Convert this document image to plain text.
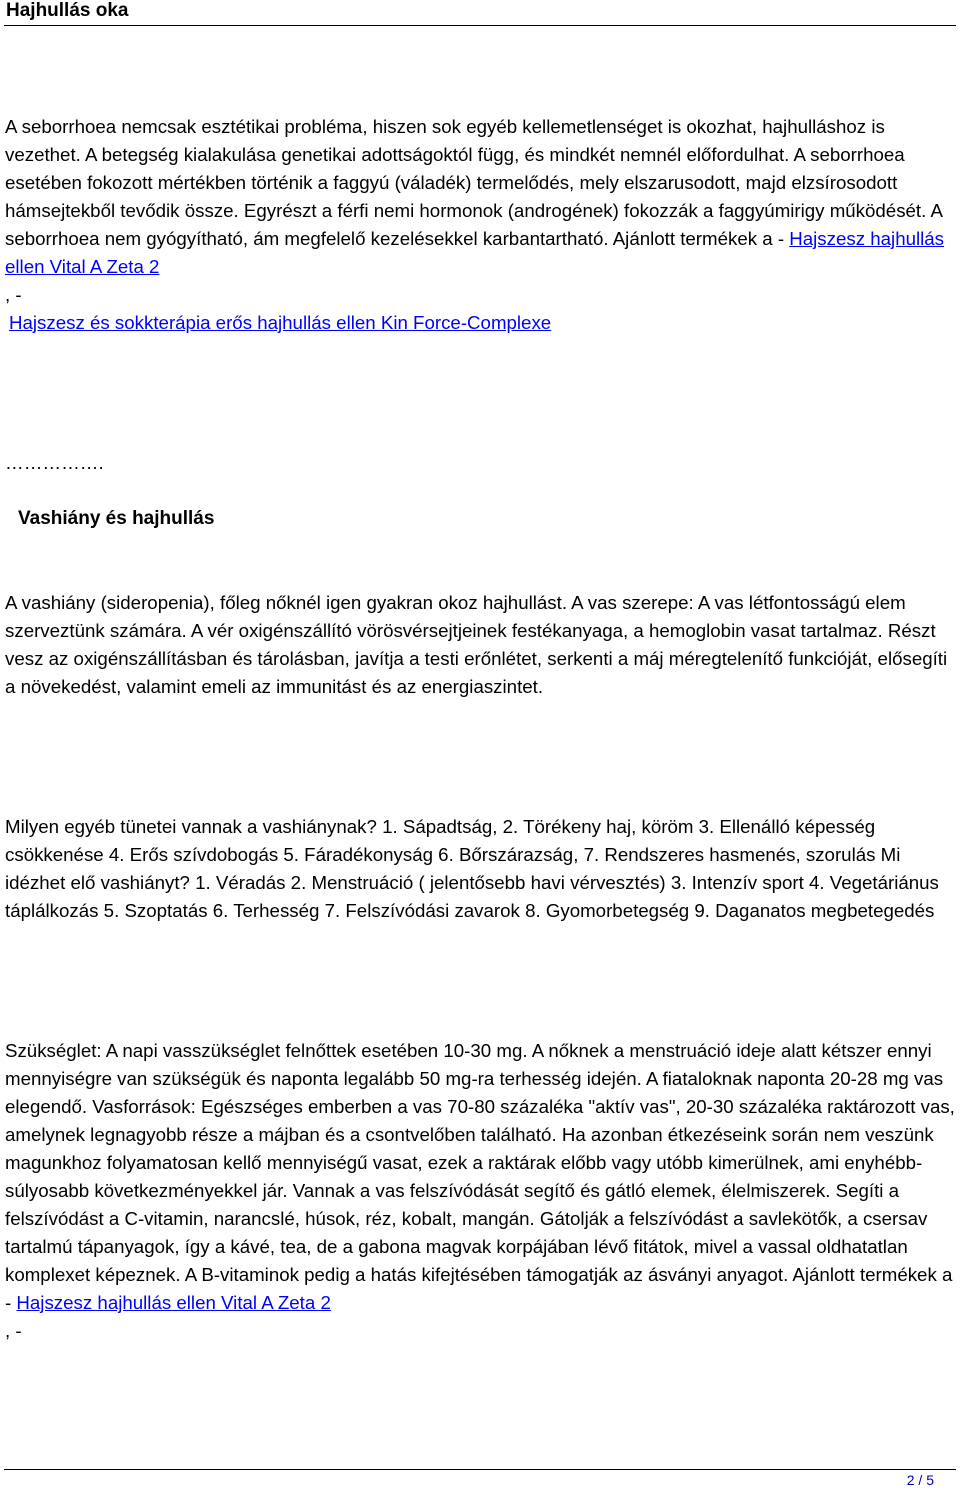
Hajhullás oka

A seborrhoea nemcsak esztétikai probléma, hiszen sok egyéb kellemetlenséget is okozhat, hajhulláshoz is vezethet. A betegség kialakulása genetikai adottságoktól függ, és mindkét nemnél előfordulhat. A seborrhoea esetében fokozott mértékben történik a faggyú (váladék) termelődés, mely elszarusodott, majd elzsírosodott hámsejtekből tevődik össze. Egyrészt a férfi nemi hormonok (androgének) fokozzák a faggyúmirigy működését. A seborrhoea nem gyógyítható, ám megfelelő kezelésekkel karbantartható. Ajánlott termékek a - Hajszesz hajhullás ellen Vital A Zeta 2
, -
Hajszesz és sokkterápia erős hajhullás ellen Kin Force-Complexe

…………….
Vashiány és hajhullás

A vashiány (sideropenia), főleg nőknél igen gyakran okoz hajhullást. A vas szerepe: A vas létfontosságú elem szerveztünk számára. A vér oxigénszállító vörösvérsejtjeinek festékanyaga, a hemoglobin vasat tartalmaz. Részt vesz az oxigénszállításban és tárolásban, javítja a testi erőnlétet, serkenti a máj méregtelenítő funkcióját, elősegíti a növekedést, valamint emeli az immunitást és az energiaszintet.

Milyen egyéb tünetei vannak a vashiánynak? 1. Sápadtság, 2. Törékeny haj, köröm 3. Ellenálló képesség csökkenése 4. Erős szívdobogás 5. Fáradékonyság 6. Bőrszárazság, 7. Rendszeres hasmenés, szorulás Mi idézhet elő vashiányt? 1. Véradás 2. Menstruáció ( jelentősebb havi vérvesztés) 3. Intenzív sport 4. Vegetáriánus táplálkozás 5. Szoptatás 6. Terhesség 7. Felszívódási zavarok 8. Gyomorbetegség 9. Daganatos megbetegedés

Szükséglet: A napi vasszükséglet felnőttek esetében 10-30 mg. A nőknek a menstruáció ideje alatt kétszer ennyi mennyiségre van szükségük és naponta legalább 50 mg-ra terhesség idején. A fiataloknak naponta 20-28 mg vas elegendő. Vasforrások: Egészséges emberben a vas 70-80 százaléka "aktív vas", 20-30 százaléka raktározott vas, amelynek legnagyobb része a májban és a csontvelőben található. Ha azonban étkezéseink során nem veszünk magunkhoz folyamatosan kellő mennyiségű vasat, ezek a raktárak előbb vagy utóbb kimerülnek, ami enyhébb- súlyosabb következményekkel jár. Vannak a vas felszívódását segítő és gátló elemek, élelmiszerek. Segíti a felszívódást a C-vitamin, narancslé, húsok, réz, kobalt, mangán. Gátolják a felszívódást a savlekötők, a csersav tartalmú tápanyagok, így a kávé, tea, de a gabona magvak korpájában lévő fitátok, mivel a vassal oldhatatlan komplexet képeznek. A B-vitaminok pedig a hatás kifejtésében támogatják az ásványi anyagot. Ajánlott termékek a - Hajszesz hajhullás ellen Vital A Zeta 2
, -

2 / 5
